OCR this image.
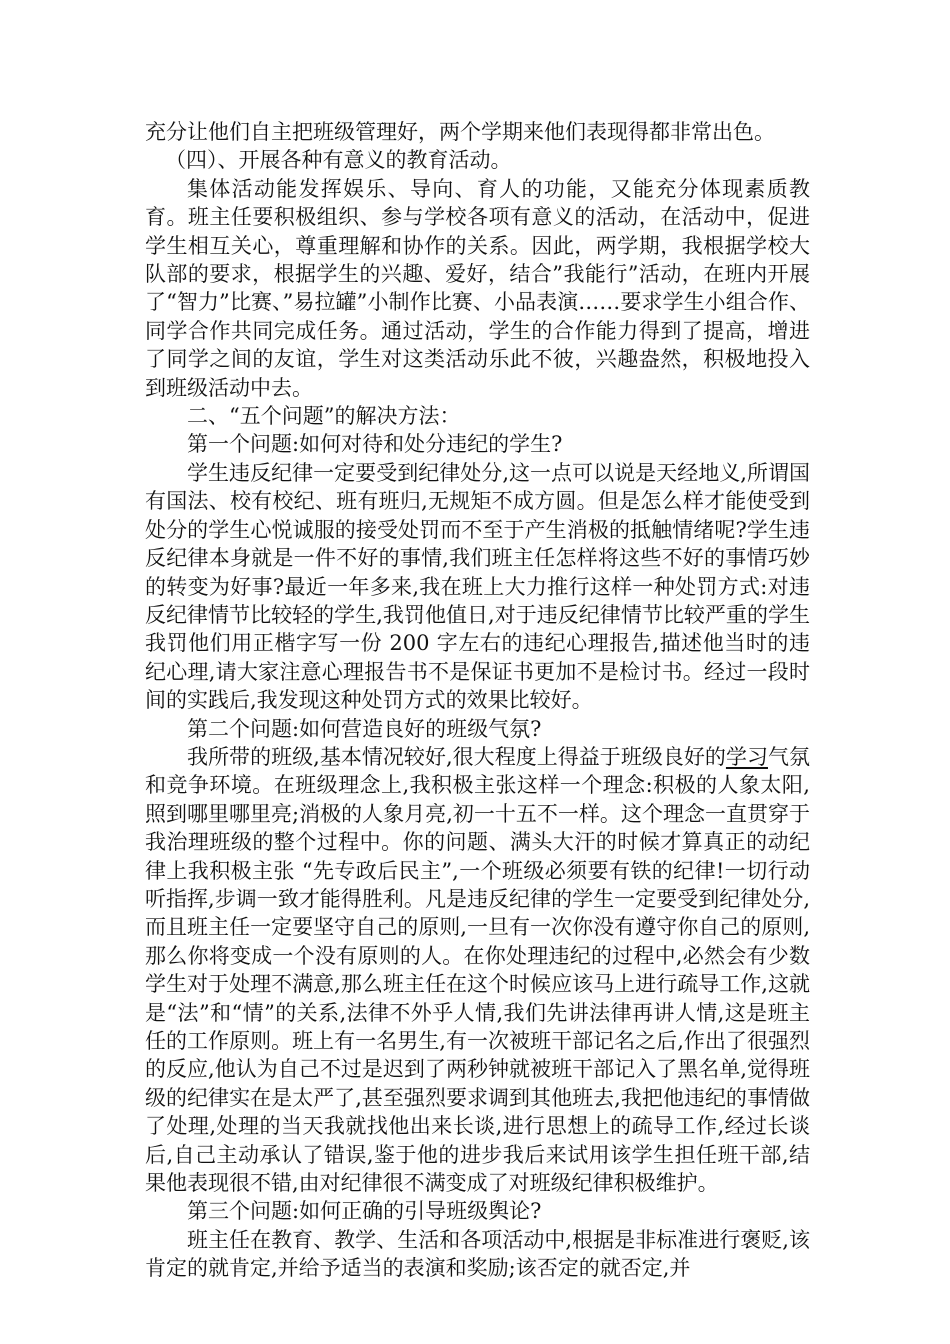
充分让他们自主把班级管理好，两个学期来他们表现得都非常出色。

（四）、开展各种有意义的教育活动。

集体活动能发挥娱乐、导向、育人的功能，又能充分体现素质教育。班主任要积极组织、参与学校各项有意义的活动，在活动中，促进学生相互关心，尊重理解和协作的关系。因此，两学期，我根据学校大队部的要求，根据学生的兴趣、爱好，结合”我能行”活动，在班内开展了“智力”比赛、”易拉罐”小制作比赛、小品表演……要求学生小组合作、同学合作共同完成任务。通过活动，学生的合作能力得到了提高，增进了同学之间的友谊，学生对这类活动乐此不彼，兴趣盎然，积极地投入到班级活动中去。

二、“五个问题”的解决方法：

第一个问题:如何对待和处分违纪的学生?

学生违反纪律一定要受到纪律处分,这一点可以说是天经地义,所谓国有国法、校有校纪、班有班归,无规矩不成方圆。但是怎么样才能使受到处分的学生心悦诚服的接受处罚而不至于产生消极的抵触情绪呢?学生违反纪律本身就是一件不好的事情,我们班主任怎样将这些不好的事情巧妙的转变为好事?最近一年多来,我在班上大力推行这样一种处罚方式:对违反纪律情节比较轻的学生,我罚他值日,对于违反纪律情节比较严重的学生我罚他们用正楷字写一份 200 字左右的违纪心理报告,描述他当时的违纪心理,请大家注意心理报告书不是保证书更加不是检讨书。经过一段时间的实践后,我发现这种处罚方式的效果比较好。

第二个问题:如何营造良好的班级气氛?

我所带的班级,基本情况较好,很大程度上得益于班级良好的学习气氛和竞争环境。在班级理念上,我积极主张这样一个理念:积极的人象太阳,照到哪里哪里亮;消极的人象月亮,初一十五不一样。这个理念一直贯穿于我治理班级的整个过程中。你的问题、满头大汗的时候才算真正的动纪律上我积极主张 “先专政后民主”,一个班级必须要有铁的纪律!一切行动听指挥,步调一致才能得胜利。凡是违反纪律的学生一定要受到纪律处分,而且班主任一定要坚守自己的原则,一旦有一次你没有遵守你自己的原则,那么你将变成一个没有原则的人。在你处理违纪的过程中,必然会有少数学生对于处理不满意,那么班主任在这个时候应该马上进行疏导工作,这就是“法”和“情”的关系,法律不外乎人情,我们先讲法律再讲人情,这是班主任的工作原则。班上有一名男生,有一次被班干部记名之后,作出了很强烈的反应,他认为自己不过是迟到了两秒钟就被班干部记入了黑名单,觉得班级的纪律实在是太严了,甚至强烈要求调到其他班去,我把他违纪的事情做了处理,处理的当天我就找他出来长谈,进行思想上的疏导工作,经过长谈后,自己主动承认了错误,鉴于他的进步我后来试用该学生担任班干部,结果他表现很不错,由对纪律很不满变成了对班级纪律积极维护。

第三个问题:如何正确的引导班级舆论?

班主任在教育、教学、生活和各项活动中,根据是非标准进行褒贬,该肯定的就肯定,并给予适当的表演和奖励;该否定的就否定,并
